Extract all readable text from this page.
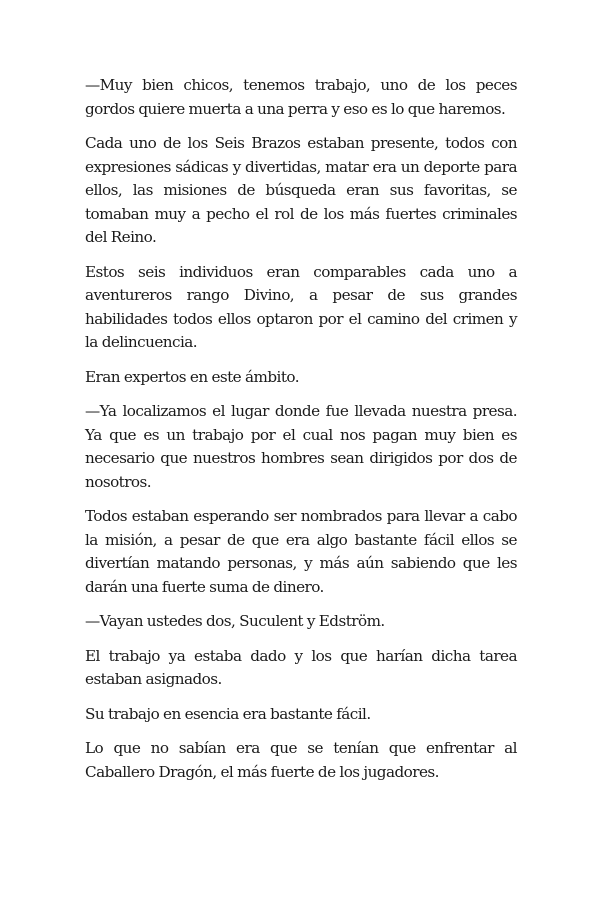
—Muy bien chicos, tenemos trabajo, uno de los peces gordos quiere muerta a una perra y eso es lo que haremos.

Cada uno de los Seis Brazos estaban presente, todos con expresiones sádicas y divertidas, matar era un deporte para ellos, las misiones de búsqueda eran sus favoritas, se tomaban muy a pecho el rol de los más fuertes criminales del Reino.

Estos seis individuos eran comparables cada uno a aventureros rango Divino, a pesar de sus grandes habilidades todos ellos optaron por el camino del crimen y la delincuencia.

Eran expertos en este ámbito.

—Ya localizamos el lugar donde fue llevada nuestra presa. Ya que es un trabajo por el cual nos pagan muy bien es necesario que nuestros hombres sean dirigidos por dos de nosotros.

Todos estaban esperando ser nombrados para llevar a cabo la misión, a pesar de que era algo bastante fácil ellos se divertían matando personas, y más aún sabiendo que les darán una fuerte suma de dinero.

—Vayan ustedes dos, Suculent y Edström.

El trabajo ya estaba dado y los que harían dicha tarea estaban asignados.

Su trabajo en esencia era bastante fácil.

Lo que no sabían era que se tenían que enfrentar al Caballero Dragón, el más fuerte de los jugadores.
